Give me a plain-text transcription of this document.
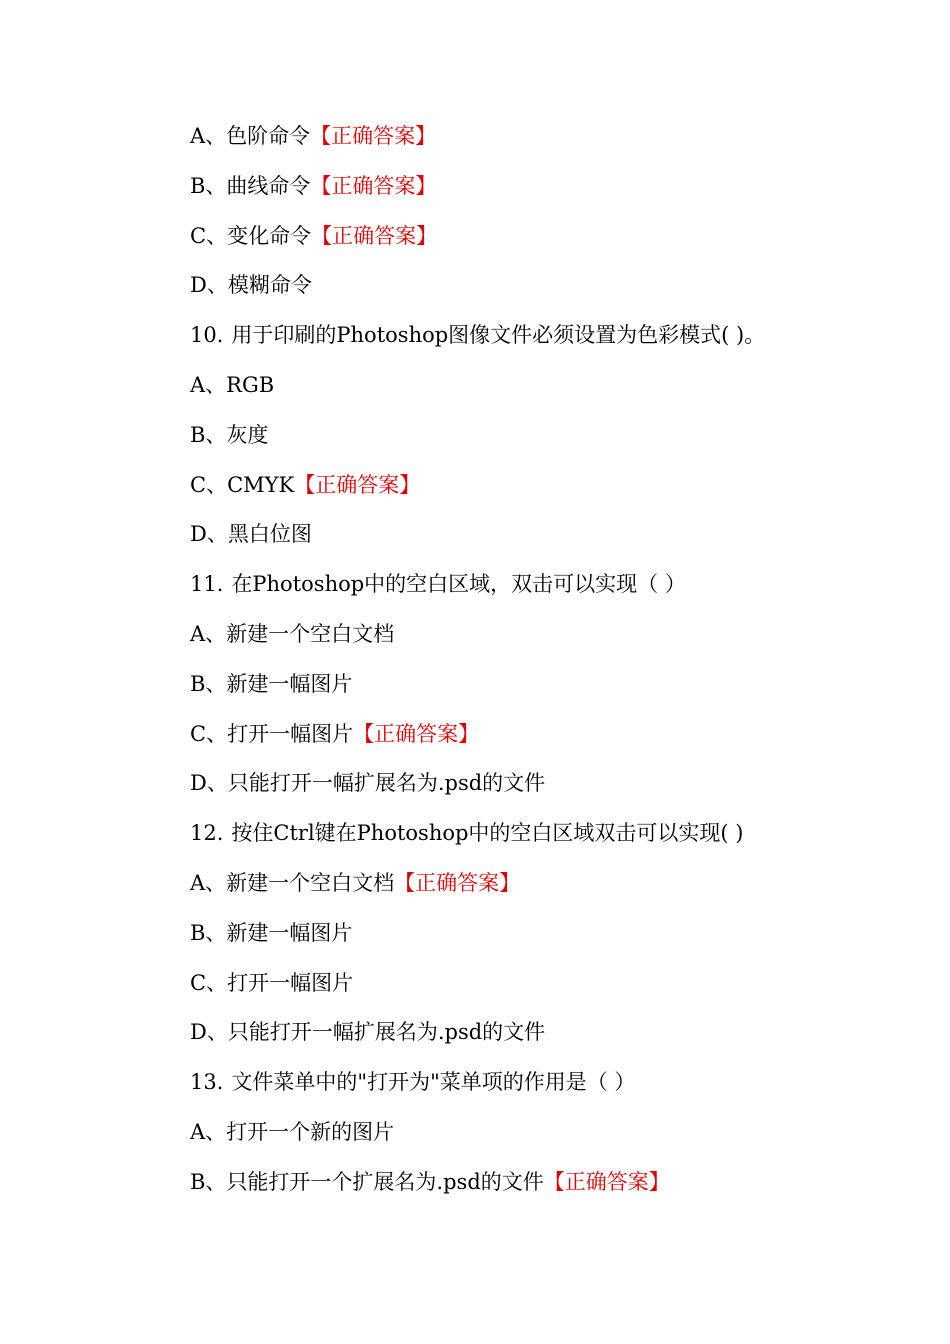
A、色阶命令【正确答案】
B、曲线命令【正确答案】
C、变化命令【正确答案】
D、模糊命令
10. 用于印刷的Photoshop图像文件必须设置为色彩模式( )。
A、RGB
B、灰度
C、CMYK【正确答案】
D、黑白位图
11. 在Photoshop中的空白区域，双击可以实现（ ）
A、新建一个空白文档
B、新建一幅图片
C、打开一幅图片【正确答案】
D、只能打开一幅扩展名为.psd的文件
12. 按住Ctrl键在Photoshop中的空白区域双击可以实现( )
A、新建一个空白文档【正确答案】
B、新建一幅图片
C、打开一幅图片
D、只能打开一幅扩展名为.psd的文件
13. 文件菜单中的"打开为"菜单项的作用是（ ）
A、打开一个新的图片
B、只能打开一个扩展名为.psd的文件【正确答案】
